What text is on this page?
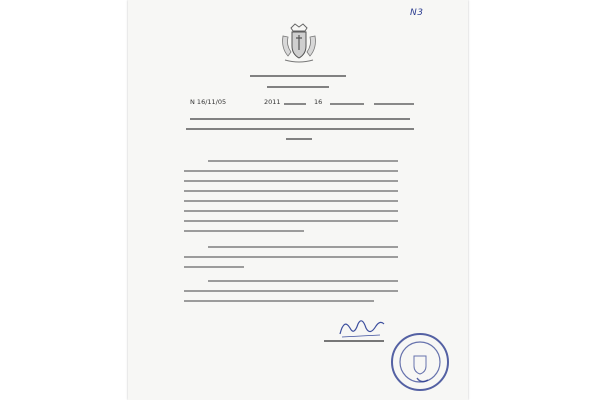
N3
N 16/11/05	2011	16
